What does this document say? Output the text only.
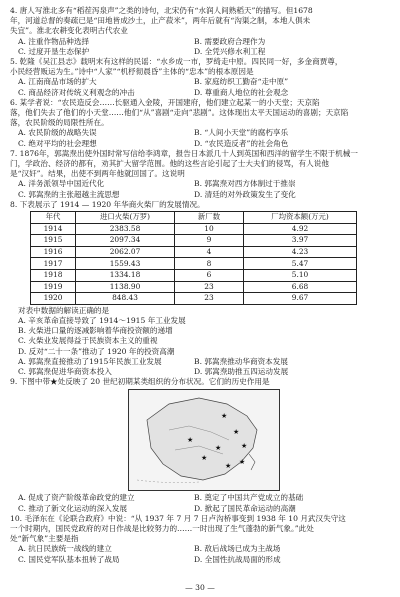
4. 唐人写淮北多有“稻茬泻泉声”之类的诗句，北宋仍有“水润人间熟稻天”的描写。但1678
年，河道总督的奏疏已是“田地皆成沙土，止产菽米”，两年后就有“沟渠之制，本地人俱未
失宜”。淮北农耕变化表明古代农业
A. 注重作物品种选择	B. 需要政府合理作为
C. 过度开垦生态保护	D. 全凭兴修水利工程
5. 乾隆《吴江县志》载明末有这样的民谣：“水乡成一市，罗绮走中原。四民同一好，多金商贾尊，
小民经营贩运为生。”诗中“人家”“机杼彻晨昏”主体的“忠本”的根本原因是
A. 江南商品市场的扩大	B. 家庭纺织工勤奋“走中原”
C. 商品经济对传统义利观念的冲击	D. 尊重商人地位的社会观念
6. 某学者说：“农民造反会……长驱通入金陵，开国建府，他们建立起某一的小天堂；天京陷
落，他们失去了他们的小天堂……他们“从”喜剧“走向”悲剧”。这体现出太平天国运动的喜剧；天京陷
落，农民阶级的局限性所在。
A. 农民阶级的战略失误	B. “人间小天堂”的腐朽享乐
C. 绝对平均的社会理想	D. “农民造反者”的社会角色
7. 1876年，郭嵩焘出使外国时常写信给李鸿章，报告日本派几十人到英国和西洋的留学生不限于机械一
门，学政治、经济的都有，劝其扩大留学范围。他的这些言论引起了士大夫们的侵骂，有人说他
是“汉奸”。结果，出使不到两年他就回国了。这说明
A. 洋务派领导中国近代化	B. 郭嵩焘对西方体制过于推崇
C. 郭嵩焘的主张超越主流思想	D. 清廷的对外政策发生了变化
8. 下表展示了 1914 — 1920 年华商火柴厂的发展情况。
年代	进口火柴(万罗)	新厂数	厂均资本额(万元)
1914	2383.58	10	4.92
1915	2097.34	9	3.97
1916	2062.07	4	4.23
1917	1559.43	8	5.47
1918	1334.18	6	5.10
1919	1138.90	23	6.68
1920	848.43	23	9.67
对表中数据的解读正确的是
A. 辛亥革命直接导致了 1914～1915 年工业发展
B. 火柴进口量的逐减影响着华商投资额的递增
C. 火柴业发展得益于民族资本主义的重视
D. 反对“二十一条”推动了 1920 年的投资高潮
A. 郭嵩焘直接推动了1915年民族工业发展	B. 郭嵩焘推动华商资本发展
C. 郭嵩焘促进华商资本投入	D. 郭嵩焘助推五四运动发展
9. 下图中带★处反映了 20 世纪初期某类组织的分布状况。它们的历史作用是
★
★
★
★
★
★
★ ★
A. 促成了资产阶级革命政党的建立	B. 奠定了中国共产党成立的基础
C. 推动了新文化运动的深入发展	D. 掀起了国民革命运动的高潮
10. 毛泽东在《论联合政府》中说：“从 1937 年 7 月 7 日卢沟桥事变到 1938 年 10 月武汉失守这
一个时期内，国民党政府的对日作战是比较努力的……一时出现了生气蓬勃的新气象。”此处
处“新气象”主要是指
A. 抗日民族统一战线的建立	B. 敌后战场已成为主战场
C. 国民党军队基本扭转了战局	D. 全国性抗战局面的形成
— 30 —
